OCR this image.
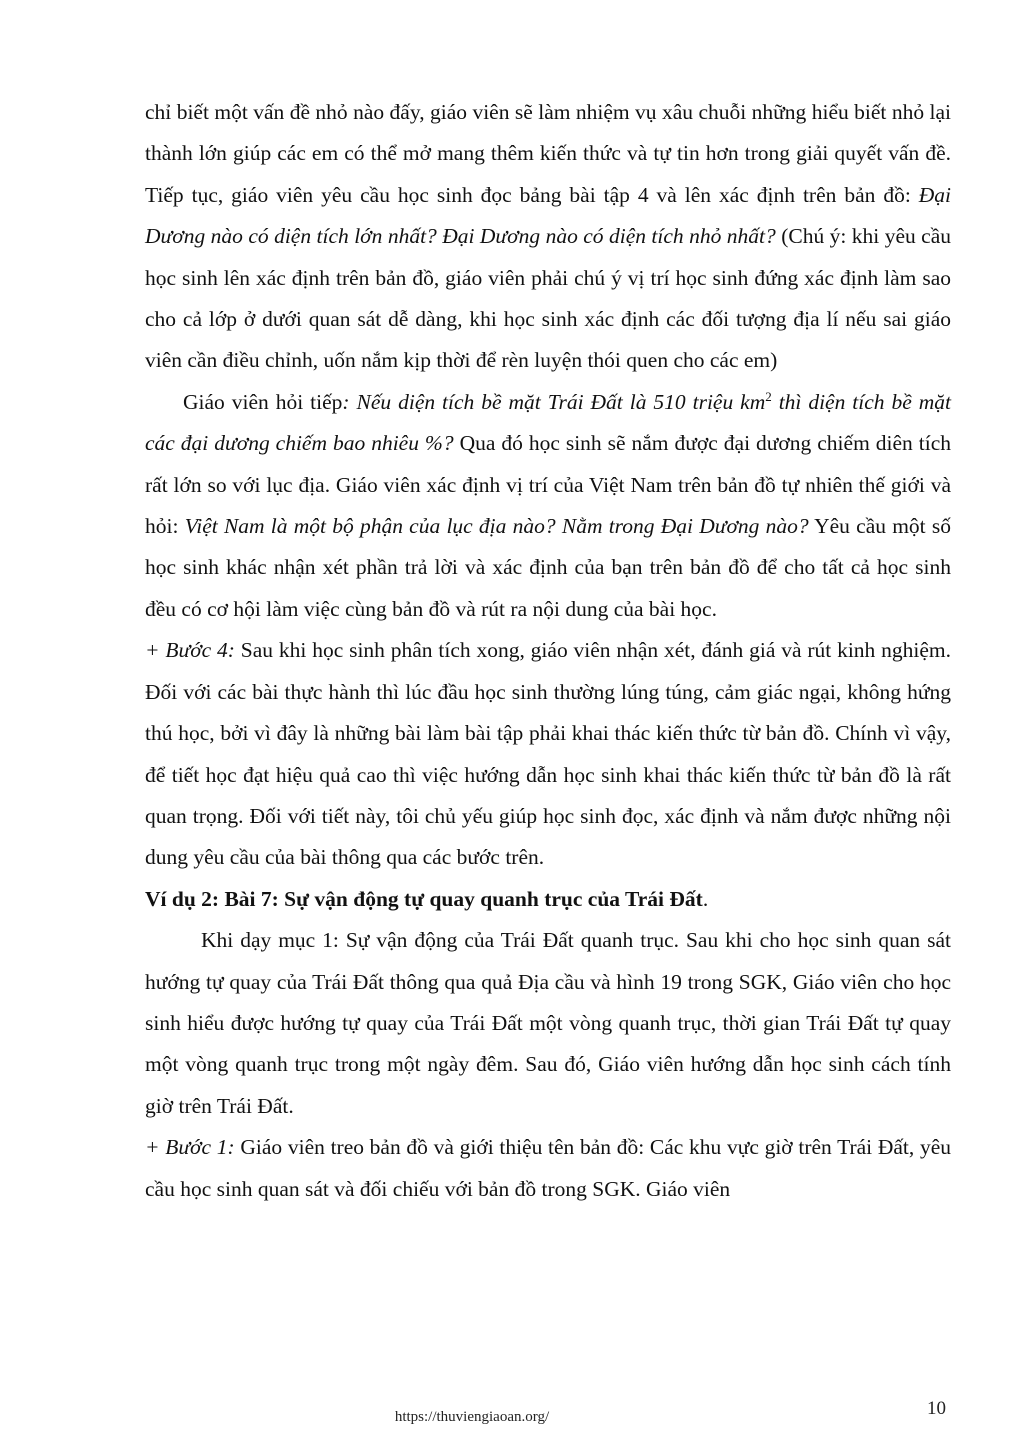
chỉ biết một vấn đề nhỏ nào đấy, giáo viên sẽ làm nhiệm vụ xâu chuỗi những hiểu biết nhỏ lại thành lớn giúp các em có thể mở mang thêm kiến thức và tự tin hơn trong giải quyết vấn đề. Tiếp tục, giáo viên yêu cầu học sinh đọc bảng bài tập 4 và lên xác định trên bản đồ: Đại Dương nào có diện tích lớn nhất? Đại Dương nào có diện tích nhỏ nhất? (Chú ý: khi yêu cầu học sinh lên xác định trên bản đồ, giáo viên phải chú ý vị trí học sinh đứng xác định làm sao cho cả lớp ở dưới quan sát dễ dàng, khi học sinh xác định các đối tượng địa lí nếu sai giáo viên cần điều chỉnh, uốn nắm kịp thời để rèn luyện thói quen cho các em)

Giáo viên hỏi tiếp: Nếu diện tích bề mặt Trái Đất là 510 triệu $km^2$ thì diện tích bề mặt các đại dương chiếm bao nhiêu %? Qua đó học sinh sẽ nắm được đại dương chiếm diên tích rất lớn so với lục địa. Giáo viên xác định vị trí của Việt Nam trên bản đồ tự nhiên thế giới và hỏi: Việt Nam là một bộ phận của lục địa nào? Nằm trong Đại Dương nào? Yêu cầu một số học sinh khác nhận xét phần trả lời và xác định của bạn trên bản đồ để cho tất cả học sinh đều có cơ hội làm việc cùng bản đồ và rút ra nội dung của bài học.

+ Bước 4: Sau khi học sinh phân tích xong, giáo viên nhận xét, đánh giá và rút kinh nghiệm. Đối với các bài thực hành thì lúc đầu học sinh thường lúng túng, cảm giác ngại, không hứng thú học, bởi vì đây là những bài làm bài tập phải khai thác kiến thức từ bản đồ. Chính vì vậy, để tiết học đạt hiệu quả cao thì việc hướng dẫn học sinh khai thác kiến thức từ bản đồ là rất quan trọng. Đối với tiết này, tôi chủ yếu giúp học sinh đọc, xác định và nắm được những nội dung yêu cầu của bài thông qua các bước trên.

Ví dụ 2: Bài 7: Sự vận động tự quay quanh trục của Trái Đất.

Khi dạy mục 1: Sự vận động của Trái Đất quanh trục. Sau khi cho học sinh quan sát hướng tự quay của Trái Đất thông qua quả Địa cầu và hình 19 trong SGK, Giáo viên cho học sinh hiểu được hướng tự quay của Trái Đất một vòng quanh trục, thời gian Trái Đất tự quay một vòng quanh trục trong một ngày đêm. Sau đó, Giáo viên hướng dẫn học sinh cách tính giờ trên Trái Đất.

+ Bước 1: Giáo viên treo bản đồ và giới thiệu tên bản đồ: Các khu vực giờ trên Trái Đất, yêu cầu học sinh quan sát và đối chiếu với bản đồ trong SGK. Giáo viên

10
https://thuviengiaoan.org/
